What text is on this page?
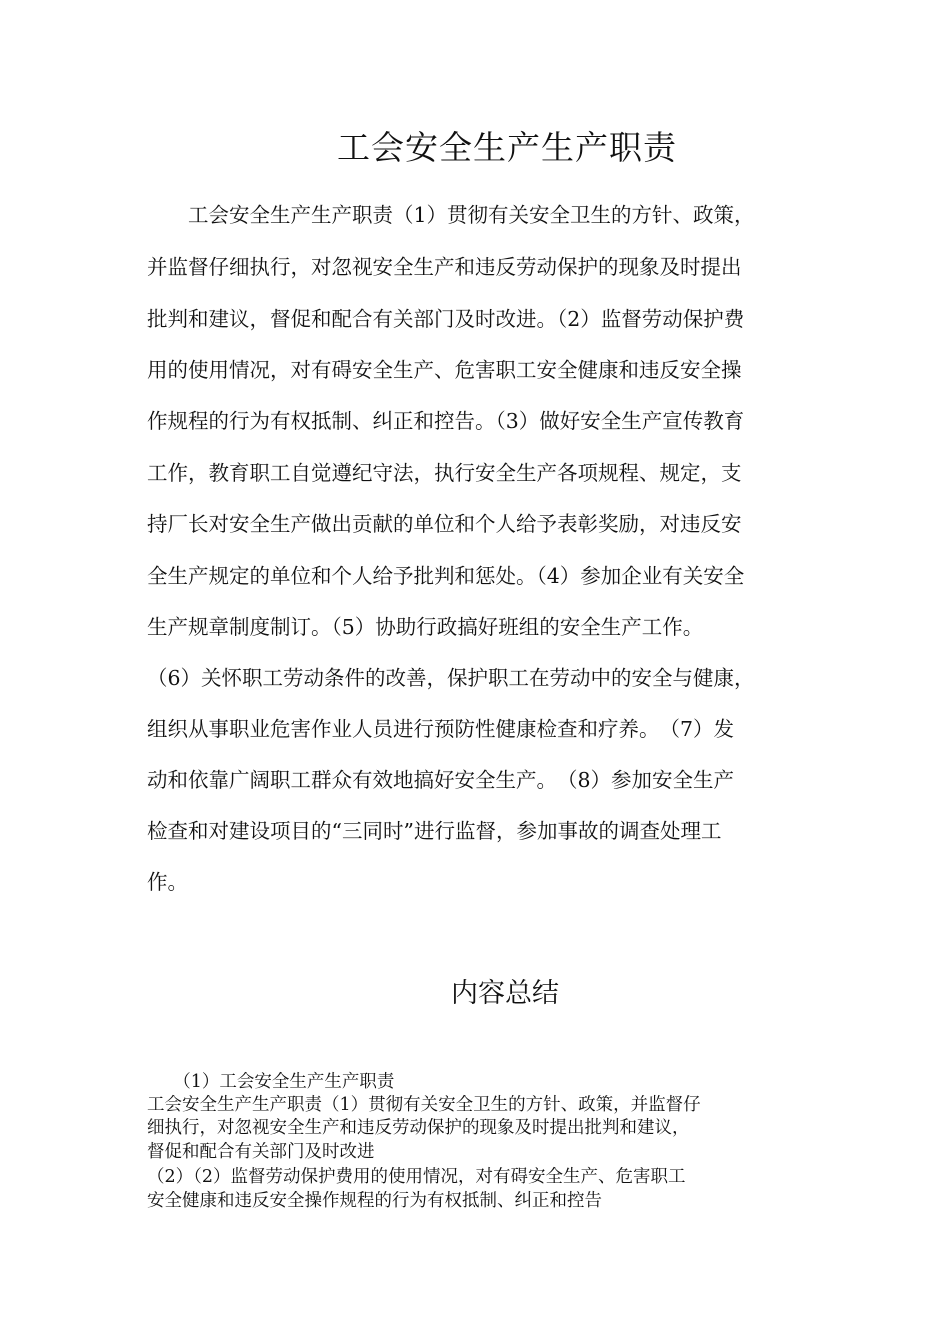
工会安全生产生产职责
　　工会安全生产生产职责（1）贯彻有关安全卫生的方针、政策，
并监督仔细执行，对忽视安全生产和违反劳动保护的现象及时提出
批判和建议，督促和配合有关部门及时改进。（2）监督劳动保护费
用的使用情况，对有碍安全生产、危害职工安全健康和违反安全操
作规程的行为有权抵制、纠正和控告。（3）做好安全生产宣传教育
工作，教育职工自觉遵纪守法，执行安全生产各项规程、规定，支
持厂长对安全生产做出贡献的单位和个人给予表彰奖励，对违反安
全生产规定的单位和个人给予批判和惩处。（4）参加企业有关安全
生产规章制度制订。（5）协助行政搞好班组的安全生产工作。
（6）关怀职工劳动条件的改善，保护职工在劳动中的安全与健康，
组织从事职业危害作业人员进行预防性健康检查和疗养。　（7）发
动和依靠广阔职工群众有效地搞好安全生产。　（8）参加安全生产
检查和对建设项目的“三同时”进行监督，参加事故的调查处理工
作。
内容总结
　　（1）工会安全生产生产职责
工会安全生产生产职责（1）贯彻有关安全卫生的方针、政策，并监督仔
细执行，对忽视安全生产和违反劳动保护的现象及时提出批判和建议，
督促和配合有关部门及时改进
（2）（2）监督劳动保护费用的使用情况，对有碍安全生产、危害职工
安全健康和违反安全操作规程的行为有权抵制、纠正和控告
